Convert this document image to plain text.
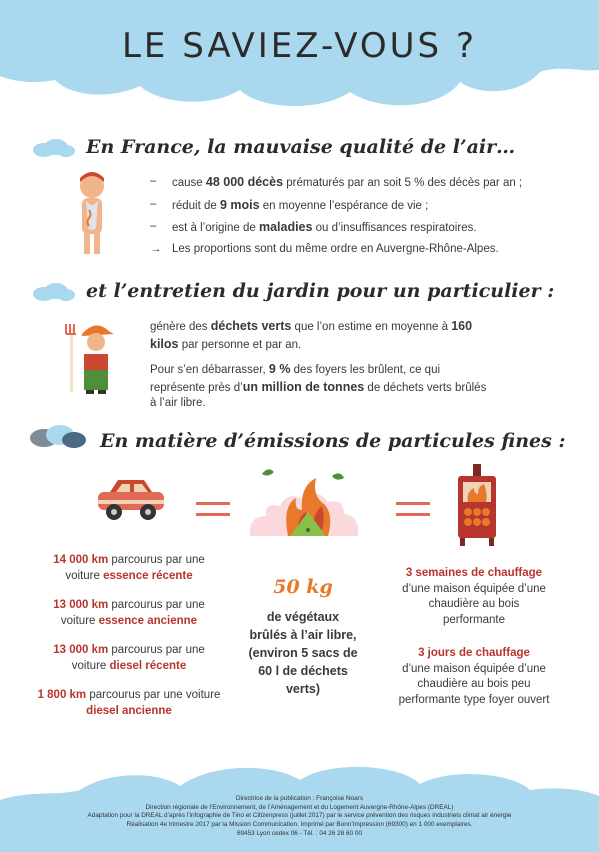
LE SAVIEZ-VOUS ?
En France, la mauvaise qualité de l’air…
–	cause 48 000 décès prématurés par an soit 5 % des décès par an ;
–	réduit de 9 mois en moyenne l’espérance de vie ;
–	est à l’origine de maladies ou d’insuffisances respiratoires.
→ Les proportions sont du même ordre en Auvergne-Rhône-Alpes.
et l’entretien du jardin pour un particulier :

génère des déchets verts que l’on estime en moyenne à 160 kilos par personne et par an.

Pour s’en débarrasser, 9 % des foyers les brûlent, ce qui représente près d’un million de tonnes de déchets verts brûlés à l’air libre.

En matière d’émissions de particules fines :
14 000 km parcourus par une voiture essence récente
13 000 km parcourus par une voiture essence ancienne
13 000 km parcourus par une voiture diesel récente
1 800 km parcourus par une voiture diesel ancienne
50 kg
de végétaux brûlés à l’air libre, (environ 5 sacs de 60 l de déchets verts)
3 semaines de chauffage
d’une maison équipée d’une chaudière au bois performante
3 jours de chauffage
d’une maison équipée d’une chaudière au bois peu performante type foyer ouvert
Directrice de la publication : Françoise Noars
Direction régionale de l’Environnement, de l’Aménagement et du Logement Auvergne-Rhône-Alpes (DREAL)
Adaptation pour la DREAL d’après l’infographie de Tino et Citizenpress (juillet 2017) par le service prévention des risques industriels climat air énergie
Réalisation 4e trimestre 2017 par la Mission Communication. Imprimé par Bonn’Impression (69300) en 1 000 exemplaires.
69453 Lyon cedex 06 - Tél. : 04 26 28 60 00
